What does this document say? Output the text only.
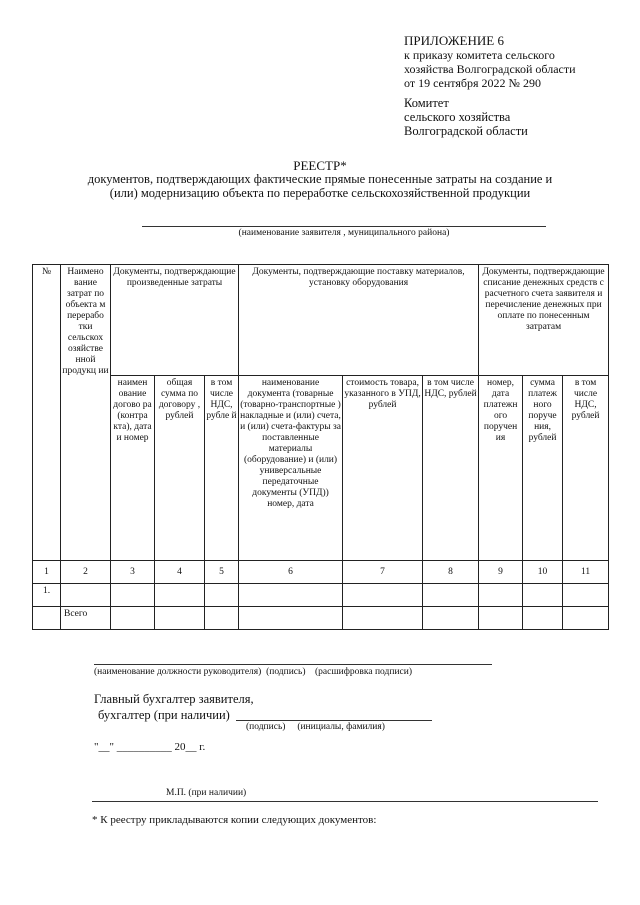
ПРИЛОЖЕНИЕ 6
к приказу комитета сельского
хозяйства Волгоградской области
от 19 сентября 2022 № 290
Комитет
сельского хозяйства
Волгоградской области
РЕЕСТР*
документов, подтверждающих фактические прямые понесенные затраты на создание и
(или) модернизацию объекта по переработке сельскохозяйственной продукции
(наименование заявителя , муниципального района)
№	Наимено вание затрат по объекта м перерабо тки сельскох озяйстве нной продукц ии	Документы, подтверждающие произведенные затраты			Документы, подтверждающие поставку материалов, установку оборудования			Документы, подтверждающие списание денежных средств с расчетного счета заявителя и перечисление денежных при оплате по понесенным затратам		
		наимен ование догово ра (контра кта), дата и номер	общая сумма по договору , рублей	в том числе НДС, рубле й	наименование документа (товарные (товарно-транспортные ) накладные и (или) счета, и (или) счета-фактуры за поставленные материалы (оборудование) и (или) универсальные передаточные документы (УПД)) номер, дата	стоимость товара, указанного в УПД, рублей	в том числе НДС, рублей	номер, дата платежн ого поручен ия	сумма платеж ного поруче ния, рублей	в том числе НДС, рублей
1	2	3	4	5	6	7	8	9	10	11
1.										
	Всего									
(наименование должности руководителя)  (подпись)    (расшифровка подписи)
Главный бухгалтер заявителя,
бухгалтер (при наличии)
(подпись)     (инициалы, фамилия)
"__" __________ 20__ г.
М.П. (при наличии)
* К реестру прикладываются копии следующих документов:
